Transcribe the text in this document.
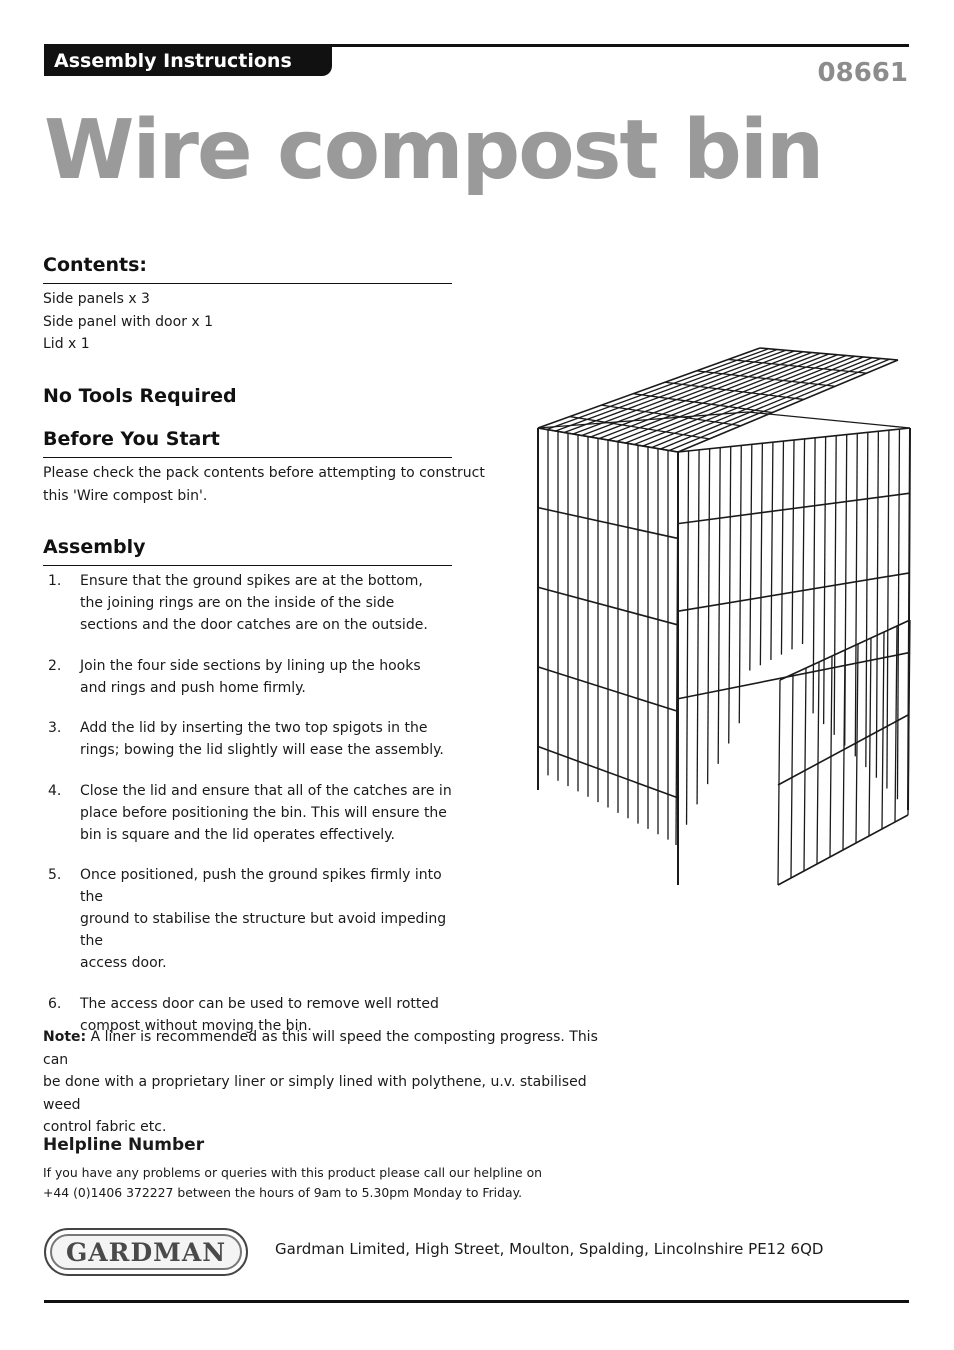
Assembly Instructions	08661
Wire compost bin
Contents:
Side panels x 3
Side panel with door x 1
Lid x 1
No Tools Required
Before You Start
Please check the pack contents before attempting to construct
this 'Wire compost bin'.
Assembly
1.	Ensure that the ground spikes are at the bottom,
the joining rings are on the inside of the side
sections and the door catches are on the outside.
2.	Join the four side sections by lining up the hooks
and rings and push home firmly.
3.	Add the lid by inserting the two top spigots in the
rings; bowing the lid slightly will ease the assembly.
4.	Close the lid and ensure that all of the catches are in
place before positioning the bin. This will ensure the
bin is square and the lid operates effectively.
5.	Once positioned, push the ground spikes firmly into the
ground to stabilise the structure but avoid impeding the
access door.
6.	The access door can be used to remove well rotted
compost without moving the bin.
Note: A liner is recommended as this will speed the composting progress. This can
be done with a proprietary liner or simply lined with polythene, u.v. stabilised weed
control fabric etc.
Helpline Number
If you have any problems or queries with this product please call our helpline on
+44 (0)1406 372227 between the hours of 9am to 5.30pm Monday to Friday.
GARDMAN	Gardman Limited, High Street, Moulton, Spalding, Lincolnshire PE12 6QD
